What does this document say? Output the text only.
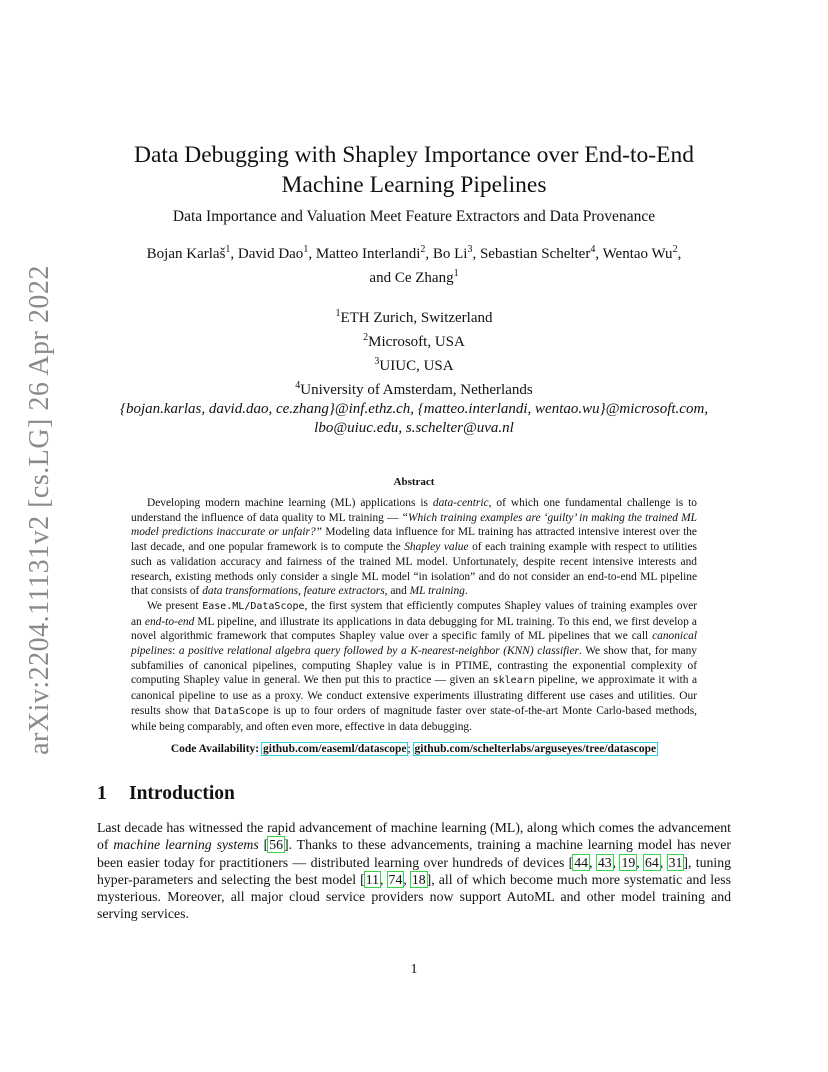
arXiv:2204.11131v2 [cs.LG] 26 Apr 2022
Data Debugging with Shapley Importance over End-to-End Machine Learning Pipelines
Data Importance and Valuation Meet Feature Extractors and Data Provenance
Bojan Karlaš$^1$, David Dao$^1$, Matteo Interlandi$^2$, Bo Li$^3$, Sebastian Schelter$^4$, Wentao Wu$^2$,
and Ce Zhang$^1$
$^1$ETH Zurich, Switzerland
$^2$Microsoft, USA
$^3$UIUC, USA
$^4$University of Amsterdam, Netherlands
{bojan.karlas, david.dao, ce.zhang}@inf.ethz.ch, {matteo.interlandi, wentao.wu}@microsoft.com, lbo@uiuc.edu, s.schelter@uva.nl
Abstract

Developing modern machine learning (ML) applications is data-centric, of which one fundamental challenge is to understand the influence of data quality to ML training — “Which training examples are ‘guilty’ in making the trained ML model predictions inaccurate or unfair?” Modeling data influence for ML training has attracted intensive interest over the last decade, and one popular framework is to compute the Shapley value of each training example with respect to utilities such as validation accuracy and fairness of the trained ML model. Unfortunately, despite recent intensive interests and research, existing methods only consider a single ML model “in isolation” and do not consider an end-to-end ML pipeline that consists of data transformations, feature extractors, and ML training.

We present Ease.ML/DataScope, the first system that efficiently computes Shapley values of training examples over an end-to-end ML pipeline, and illustrate its applications in data debugging for ML training. To this end, we first develop a novel algorithmic framework that computes Shapley value over a specific family of ML pipelines that we call canonical pipelines: a positive relational algebra query followed by a K-nearest-neighbor (KNN) classifier. We show that, for many subfamilies of canonical pipelines, computing Shapley value is in PTIME, contrasting the exponential complexity of computing Shapley value in general. We then put this to practice — given an sklearn pipeline, we approximate it with a canonical pipeline to use as a proxy. We conduct extensive experiments illustrating different use cases and utilities. Our results show that DataScope is up to four orders of magnitude faster over state-of-the-art Monte Carlo-based methods, while being comparably, and often even more, effective in data debugging.

Code Availability: github.com/easeml/datascope; github.com/schelterlabs/arguseyes/tree/datascope
1 Introduction
Last decade has witnessed the rapid advancement of machine learning (ML), along which comes the advancement of machine learning systems [56]. Thanks to these advancements, training a machine learning model has never been easier today for practitioners — distributed learning over hundreds of devices [44, 43, 19, 64, 31], tuning hyper-parameters and selecting the best model [11, 74, 18], all of which become much more systematic and less mysterious. Moreover, all major cloud service providers now support AutoML and other model training and serving services.
1
